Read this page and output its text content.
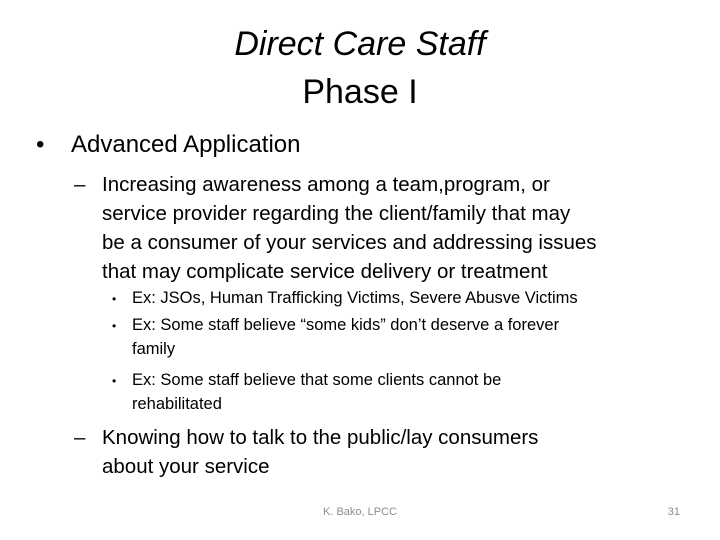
Direct Care Staff
Phase I
• Advanced Application
– Increasing awareness among a team,program, or
service provider regarding the client/family that may
be a consumer of your services and addressing issues
that may complicate service delivery or treatment
• Ex: JSOs, Human Trafficking Victims, Severe Abusve Victims
• Ex: Some staff believe “some kids” don’t deserve a forever
family
• Ex: Some staff believe that some clients cannot be
rehabilitated
– Knowing how to talk to the public/lay consumers
about your service
K. Bako, LPCC	31
